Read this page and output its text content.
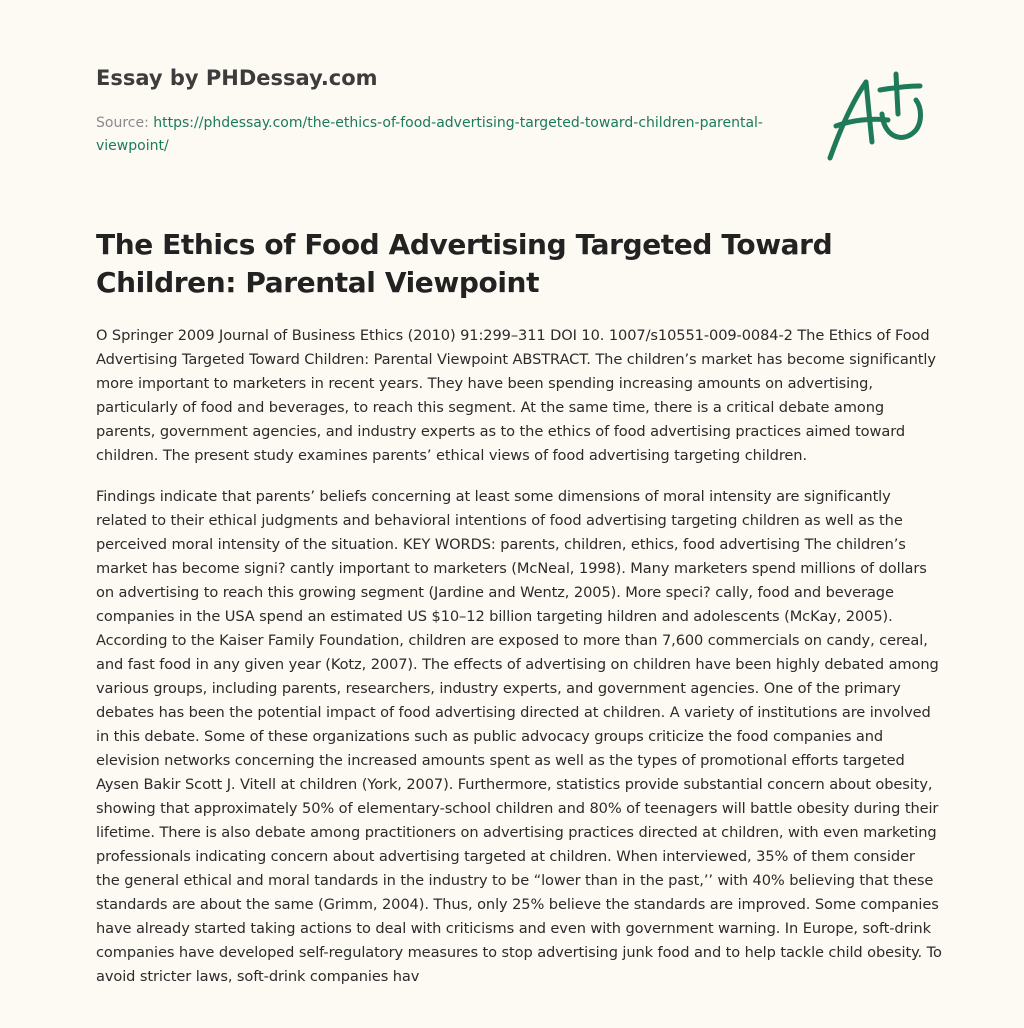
Essay by PHDessay.com
Source: https://phdessay.com/the-ethics-of-food-advertising-targeted-toward-children-parental-viewpoint/
The Ethics of Food Advertising Targeted Toward Children: Parental Viewpoint

O Springer 2009 Journal of Business Ethics (2010) 91:299–311 DOI 10. 1007/s10551-009-0084-2 The Ethics of Food Advertising Targeted Toward Children: Parental Viewpoint ABSTRACT. The children’s market has become significantly more important to marketers in recent years. They have been spending increasing amounts on advertising, particularly of food and beverages, to reach this segment. At the same time, there is a critical debate among parents, government agencies, and industry experts as to the ethics of food advertising practices aimed toward children. The present study examines parents’ ethical views of food advertising targeting children.

Findings indicate that parents’ beliefs concerning at least some dimensions of moral intensity are significantly related to their ethical judgments and behavioral intentions of food advertising targeting children as well as the perceived moral intensity of the situation. KEY WORDS: parents, children, ethics, food advertising The children’s market has become signi? cantly important to marketers (McNeal, 1998). Many marketers spend millions of dollars on advertising to reach this growing segment (Jardine and Wentz, 2005). More speci? cally, food and beverage companies in the USA spend an estimated US $10–12 billion targeting hildren and adolescents (McKay, 2005). According to the Kaiser Family Foundation, children are exposed to more than 7,600 commercials on candy, cereal, and fast food in any given year (Kotz, 2007). The effects of advertising on children have been highly debated among various groups, including parents, researchers, industry experts, and government agencies. One of the primary debates has been the potential impact of food advertising directed at children. A variety of institutions are involved in this debate. Some of these organizations such as public advocacy groups criticize the food companies and elevision networks concerning the increased amounts spent as well as the types of promotional efforts targeted Aysen Bakir Scott J. Vitell at children (York, 2007). Furthermore, statistics provide substantial concern about obesity, showing that approximately 50% of elementary-school children and 80% of teenagers will battle obesity during their lifetime. There is also debate among practitioners on advertising practices directed at children, with even marketing professionals indicating concern about advertising targeted at children. When interviewed, 35% of them consider the general ethical and moral tandards in the industry to be “lower than in the past,’’ with 40% believing that these standards are about the same (Grimm, 2004). Thus, only 25% believe the standards are improved. Some companies have already started taking actions to deal with criticisms and even with government warning. In Europe, soft-drink companies have developed self-regulatory measures to stop advertising junk food and to help tackle child obesity. To avoid stricter laws, soft-drink companies hav
